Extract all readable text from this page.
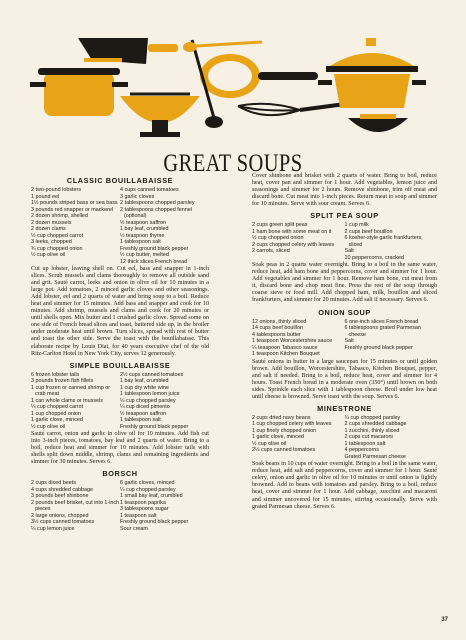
GREAT SOUPS
CLASSIC BOUILLABAISSE
2 two-pound lobsters
1 pound eel
1½ pounds striped bass or sea bass
3 pounds red snapper or mackerel
2 dozen shrimp, shelled
2 dozen mussels
2 dozen clams
½ cup chopped carrot
3 leeks, chopped
¾ cup chopped onion
½ cup olive oil
4 cups canned tomatoes
3 garlic cloves
2 tablespoons chopped parsley
2 tablespoons chopped fennel (optional)
½ teaspoon saffron
1 bay leaf, crumbled
½ teaspoon thyme
1 tablespoon salt
Freshly ground black pepper
½ cup butter, melted
12 thick slices French bread

Cut up lobster, leaving shell on. Cut eel, bass and snapper in 1-inch slices. Scrub mussels and clams thoroughly to remove all outside sand and grit. Sauté carrot, leeks and onion in olive oil for 10 minutes in a large pot. Add tomatoes, 2 minced garlic cloves and other seasonings. Add lobster, eel and 2 quarts of water and bring soup to a boil. Reduce heat and simmer for 15 minutes. Add bass and snapper and cook for 10 minutes. Add shrimp, mussels and clams and cook for 20 minutes or until shells open. Mix butter and 1 crushed garlic clove. Spread some on one side of French bread slices and toast, buttered side up, in the broiler under moderate heat until brown. Turn slices, spread with rest of butter and toast the other side. Serve the toast with the bouillabaisse. This elaborate recipe by Louis Diat, for 40 years executive chef of the old Ritz-Carlton Hotel in New York City, serves 12 generously.

SIMPLE BOUILLABAISSE
6 frozen lobster tails
3 pounds frozen fish fillets
1 cup frozen or canned shrimp or crab meat
1 can whole clams or mussels
¼ cup chopped carrot
1 cup chopped onion
1 garlic clove, minced
½ cup olive oil
2½ cups canned tomatoes
1 bay leaf, crumbled
1 cup dry white wine
1 tablespoon lemon juice
¼ cup chopped parsley
¼ cup diced pimento
½ teaspoon saffron
1 tablespoon salt
Freshly ground black pepper

Sauté carrot, onion and garlic in olive oil for 10 minutes. Add fish cut into 3-inch pieces, tomatoes, bay leaf and 2 quarts of water. Bring to a boil, reduce heat and simmer for 10 minutes. Add lobster tails with shells split down middle, shrimp, clams and remaining ingredients and simmer for 30 minutes. Serves 6.

BORSCH
2 cups diced beets
4 cups shredded cabbage
3 pounds beef shinbone
2 pounds beef brisket, cut into 1-inch pieces
2 large onions, chopped
3½ cups canned tomatoes
¼ cup lemon juice
6 garlic cloves, minced
¼ cup chopped parsley
1 small bay leaf, crumbled
1 teaspoon paprika
3 tablespoons sugar
1 teaspoon salt
Freshly ground black pepper
Sour cream

Cover shinbone and brisket with 2 quarts of water. Bring to boil, reduce heat, cover pan and simmer for 1 hour. Add vegetables, lemon juice and seasonings and simmer for 2 hours. Remove shinbone, trim off meat and discard bone. Cut meat into 1-inch pieces. Return meat to soup and simmer for 10 minutes. Serve with sour cream. Serves 6.

SPLIT PEA SOUP
2 cups green split peas
1 ham bone with some meat on it
½ cup chopped onion
2 cups chopped celery with leaves
2 carrots, sliced
1 cup milk
2 cups beef bouillon
6 kosher-style garlic frankfurters, sliced
Salt
10 peppercorns, cracked

Soak peas in 2 quarts water overnight. Bring to a boil in the same water, reduce heat, add ham bone and peppercorns, cover and simmer for 1 hour. Add vegetables and simmer for 1 hour. Remove ham bone, cut meat from it, discard bone and chop meat fine. Press the rest of the soup through coarse sieve or food mill. Add chopped ham, milk, bouillon and sliced frankfurters, and simmer for 20 minutes. Add salt if necessary. Serves 6.

ONION SOUP
12 onions, thinly sliced
14 cups beef bouillon
4 tablespoons butter
1 teaspoon Worcestershire sauce
¼ teaspoon Tabasco sauce
1 teaspoon Kitchen Bouquet
6 one-inch slices French bread
6 tablespoons grated Parmesan cheese
Salt
Freshly ground black pepper

Sauté onions in butter in a large saucepan for 15 minutes or until golden brown. Add bouillon, Worcestershire, Tabasco, Kitchen Bouquet, pepper, and salt if needed. Bring to a boil, reduce heat, cover and simmer for 4 hours. Toast French bread in a moderate oven (350°) until brown on both sides. Sprinkle each slice with 1 tablespoon cheese. Broil under low heat until cheese is browned. Serve toast with the soup. Serves 6.

MINESTRONE
2 cups dried navy beans
1 cup chopped celery with leaves
1 cup finely chopped onion
1 garlic clove, minced
½ cup olive oil
2½ cups canned tomatoes
¼ cup chopped parsley
2 cups shredded cabbage
1 zucchini, thinly sliced
2 cups cut macaroni
1 tablespoon salt
4 peppercorns
Grated Parmesan cheese

Soak beans in 10 cups of water overnight. Bring to a boil in the same water, reduce heat, add salt and peppercorns, cover and simmer for 1 hour. Sauté celery, onion and garlic in olive oil for 10 minutes or until onion is lightly browned. Add to beans with tomatoes and parsley. Bring to a boil, reduce heat, cover and simmer for 1 hour. Add cabbage, zucchini and macaroni and simmer uncovered for 15 minutes, stirring occasionally. Serve with grated Parmesan cheese. Serves 6.

37
